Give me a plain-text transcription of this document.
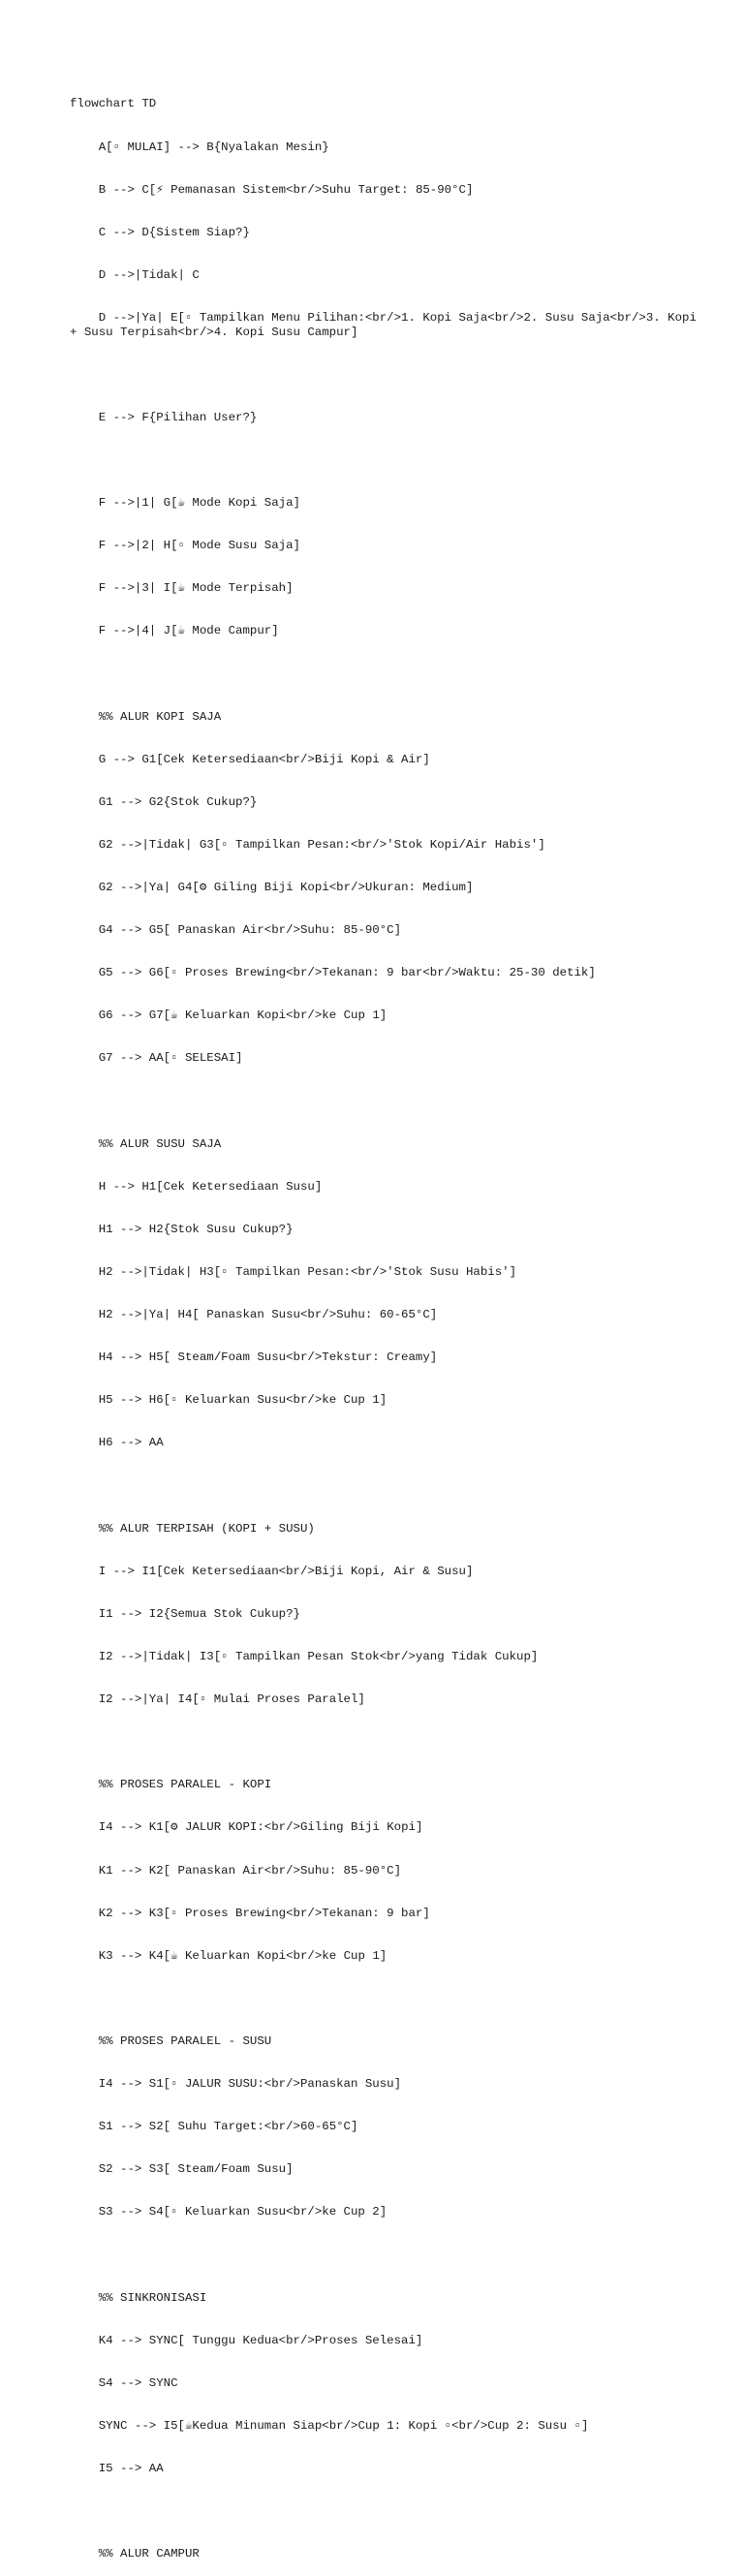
flowchart TD

A[▫ MULAI] --> B{Nyalakan Mesin}

B --> C[⚡ Pemanasan Sistem<br/>Suhu Target: 85-90°C]

C --> D{Sistem Siap?}

D -->|Tidak| C

D -->|Ya| E[▫ Tampilkan Menu Pilihan:<br/>1. Kopi Saja<br/>2. Susu Saja<br/>3. Kopi + Susu Terpisah<br/>4. Kopi Susu Campur]

E --> F{Pilihan User?}

F -->|1| G[☕ Mode Kopi Saja]

F -->|2| H[▫ Mode Susu Saja]

F -->|3| I[☕ Mode Terpisah]

F -->|4| J[☕ Mode Campur]

%% ALUR KOPI SAJA

G --> G1[Cek Ketersediaan<br/>Biji Kopi & Air]

G1 --> G2{Stok Cukup?}

G2 -->|Tidak| G3[▫ Tampilkan Pesan:<br/>'Stok Kopi/Air Habis']

G2 -->|Ya| G4[⚙ Giling Biji Kopi<br/>Ukuran: Medium]

G4 --> G5[ Panaskan Air<br/>Suhu: 85-90°C]

G5 --> G6[▫ Proses Brewing<br/>Tekanan: 9 bar<br/>Waktu: 25-30 detik]

G6 --> G7[☕ Keluarkan Kopi<br/>ke Cup 1]

G7 --> AA[▫ SELESAI]

%% ALUR SUSU SAJA

H --> H1[Cek Ketersediaan Susu]

H1 --> H2{Stok Susu Cukup?}

H2 -->|Tidak| H3[▫ Tampilkan Pesan:<br/>'Stok Susu Habis']

H2 -->|Ya| H4[ Panaskan Susu<br/>Suhu: 60-65°C]

H4 --> H5[ Steam/Foam Susu<br/>Tekstur: Creamy]

H5 --> H6[▫ Keluarkan Susu<br/>ke Cup 1]

H6 --> AA

%% ALUR TERPISAH (KOPI + SUSU)

I --> I1[Cek Ketersediaan<br/>Biji Kopi, Air & Susu]

I1 --> I2{Semua Stok Cukup?}

I2 -->|Tidak| I3[▫ Tampilkan Pesan Stok<br/>yang Tidak Cukup]

I2 -->|Ya| I4[▫ Mulai Proses Paralel]

%% PROSES PARALEL - KOPI

I4 --> K1[⚙ JALUR KOPI:<br/>Giling Biji Kopi]

K1 --> K2[ Panaskan Air<br/>Suhu: 85-90°C]

K2 --> K3[▫ Proses Brewing<br/>Tekanan: 9 bar]

K3 --> K4[☕ Keluarkan Kopi<br/>ke Cup 1]

%% PROSES PARALEL - SUSU

I4 --> S1[▫ JALUR SUSU:<br/>Panaskan Susu]

S1 --> S2[ Suhu Target:<br/>60-65°C]

S2 --> S3[ Steam/Foam Susu]

S3 --> S4[▫ Keluarkan Susu<br/>ke Cup 2]

%% SINKRONISASI

K4 --> SYNC[ Tunggu Kedua<br/>Proses Selesai]

S4 --> SYNC

SYNC --> I5[☕Kedua Minuman Siap<br/>Cup 1: Kopi ▫<br/>Cup 2: Susu ▫]

I5 --> AA

%% ALUR CAMPUR
